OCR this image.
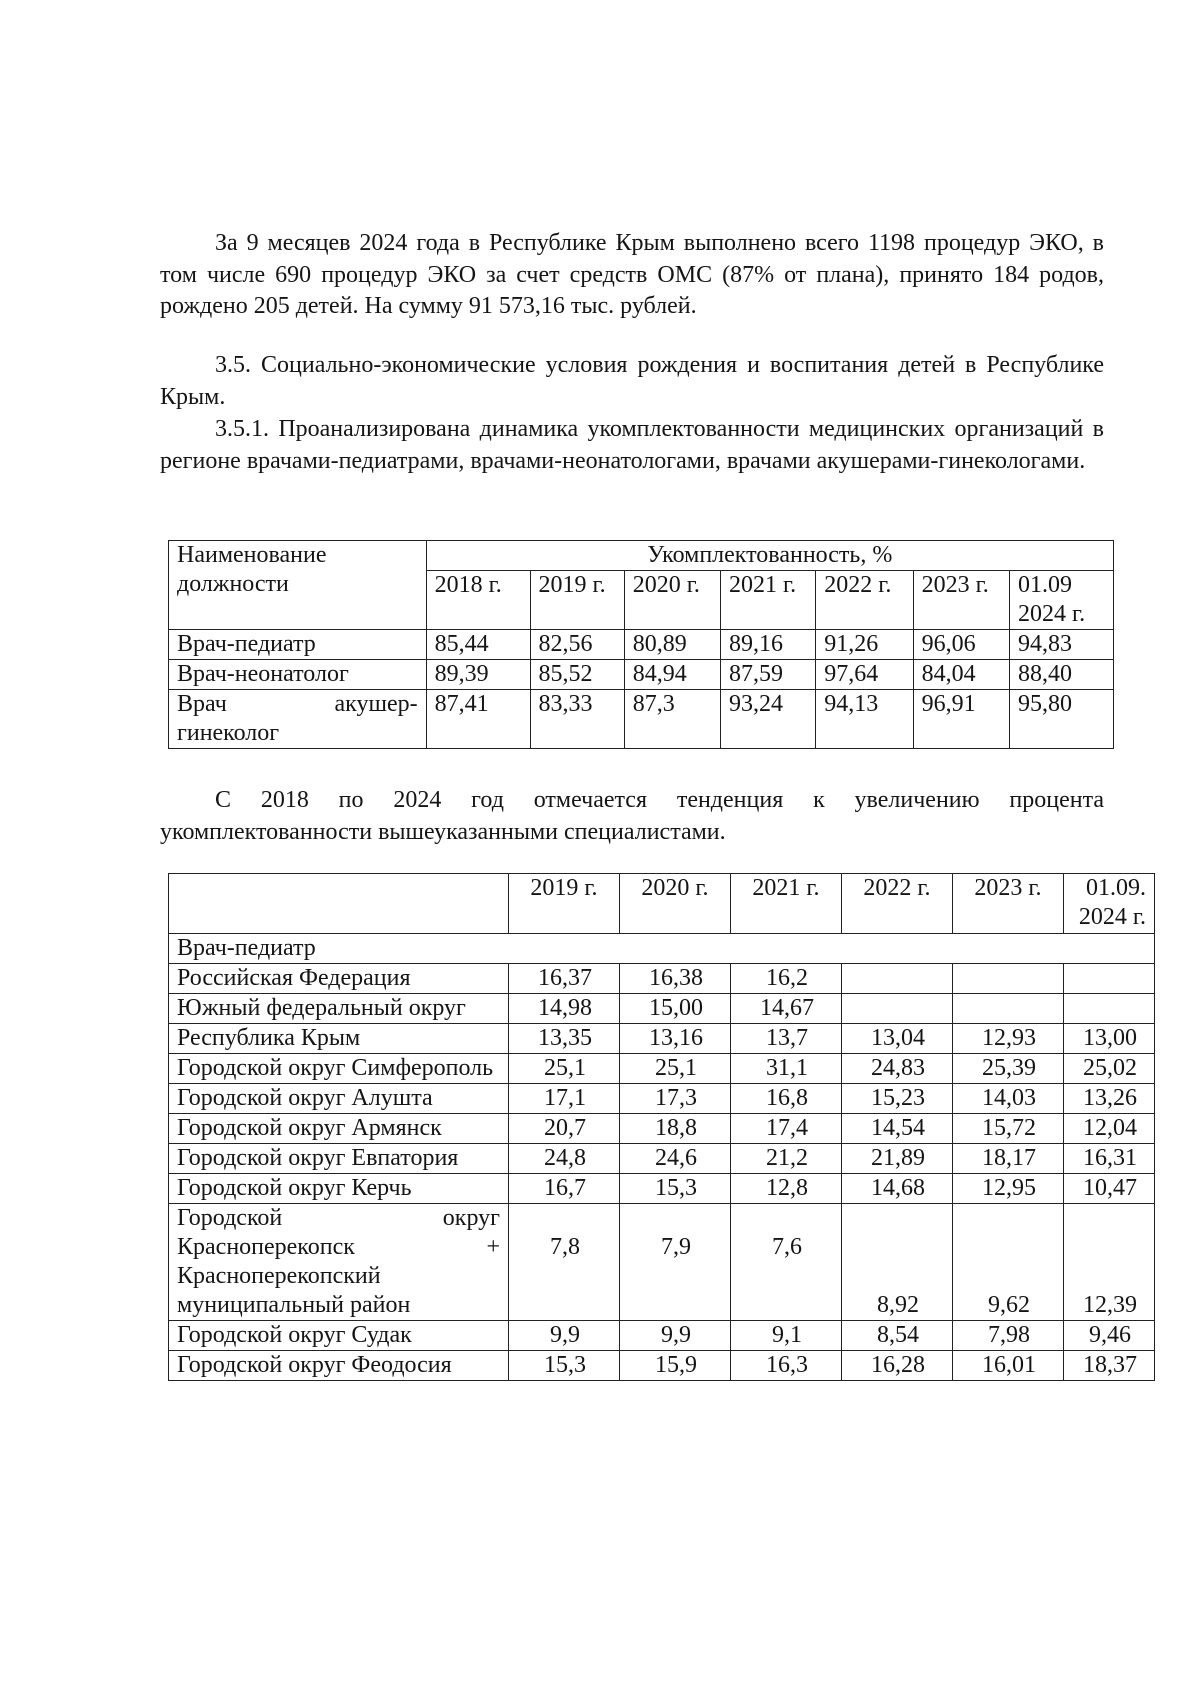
За 9 месяцев 2024 года в Республике Крым выполнено всего 1198 процедур ЭКО, в том числе 690 процедур ЭКО за счет средств ОМС (87% от плана), принято 184 родов, рождено 205 детей. На сумму 91 573,16 тыс. рублей.

3.5. Социально-экономические условия рождения и воспитания детей в Республике Крым.

3.5.1. Проанализирована динамика укомплектованности медицинских организаций в регионе врачами-педиатрами, врачами-неонатологами, врачами акушерами-гинекологами.

Наименование должности	Укомплектованность, %						
	2018 г.	2019 г.	2020 г.	2021 г.	2022 г.	2023 г.	01.09 2024 г.
Врач-педиатр	85,44	82,56	80,89	89,16	91,26	96,06	94,83
Врач-неонатолог	89,39	85,52	84,94	87,59	97,64	84,04	88,40
Врач акушер-гинеколог	87,41	83,33	87,3	93,24	94,13	96,91	95,80

С 2018 по 2024 год отмечается тенденция к увеличению процента укомплектованности вышеуказанными специалистами.

	2019 г.	2020 г.	2021 г.	2022 г.	2023 г.	01.09. 2024 г.
Врач-педиатр						
Российская Федерация	16,37	16,38	16,2			
Южный федеральный округ	14,98	15,00	14,67			
Республика Крым	13,35	13,16	13,7	13,04	12,93	13,00
Городской округ Симферополь	25,1	25,1	31,1	24,83	25,39	25,02
Городской округ Алушта	17,1	17,3	16,8	15,23	14,03	13,26
Городской округ Армянск	20,7	18,8	17,4	14,54	15,72	12,04
Городской округ Евпатория	24,8	24,6	21,2	21,89	18,17	16,31
Городской округ Керчь	16,7	15,3	12,8	14,68	12,95	10,47
Городской округ Красноперекопск + Красноперекопский муниципальный район	7,8	7,9	7,6	8,92	9,62	12,39
Городской округ Судак	9,9	9,9	9,1	8,54	7,98	9,46
Городской округ Феодосия	15,3	15,9	16,3	16,28	16,01	18,37
